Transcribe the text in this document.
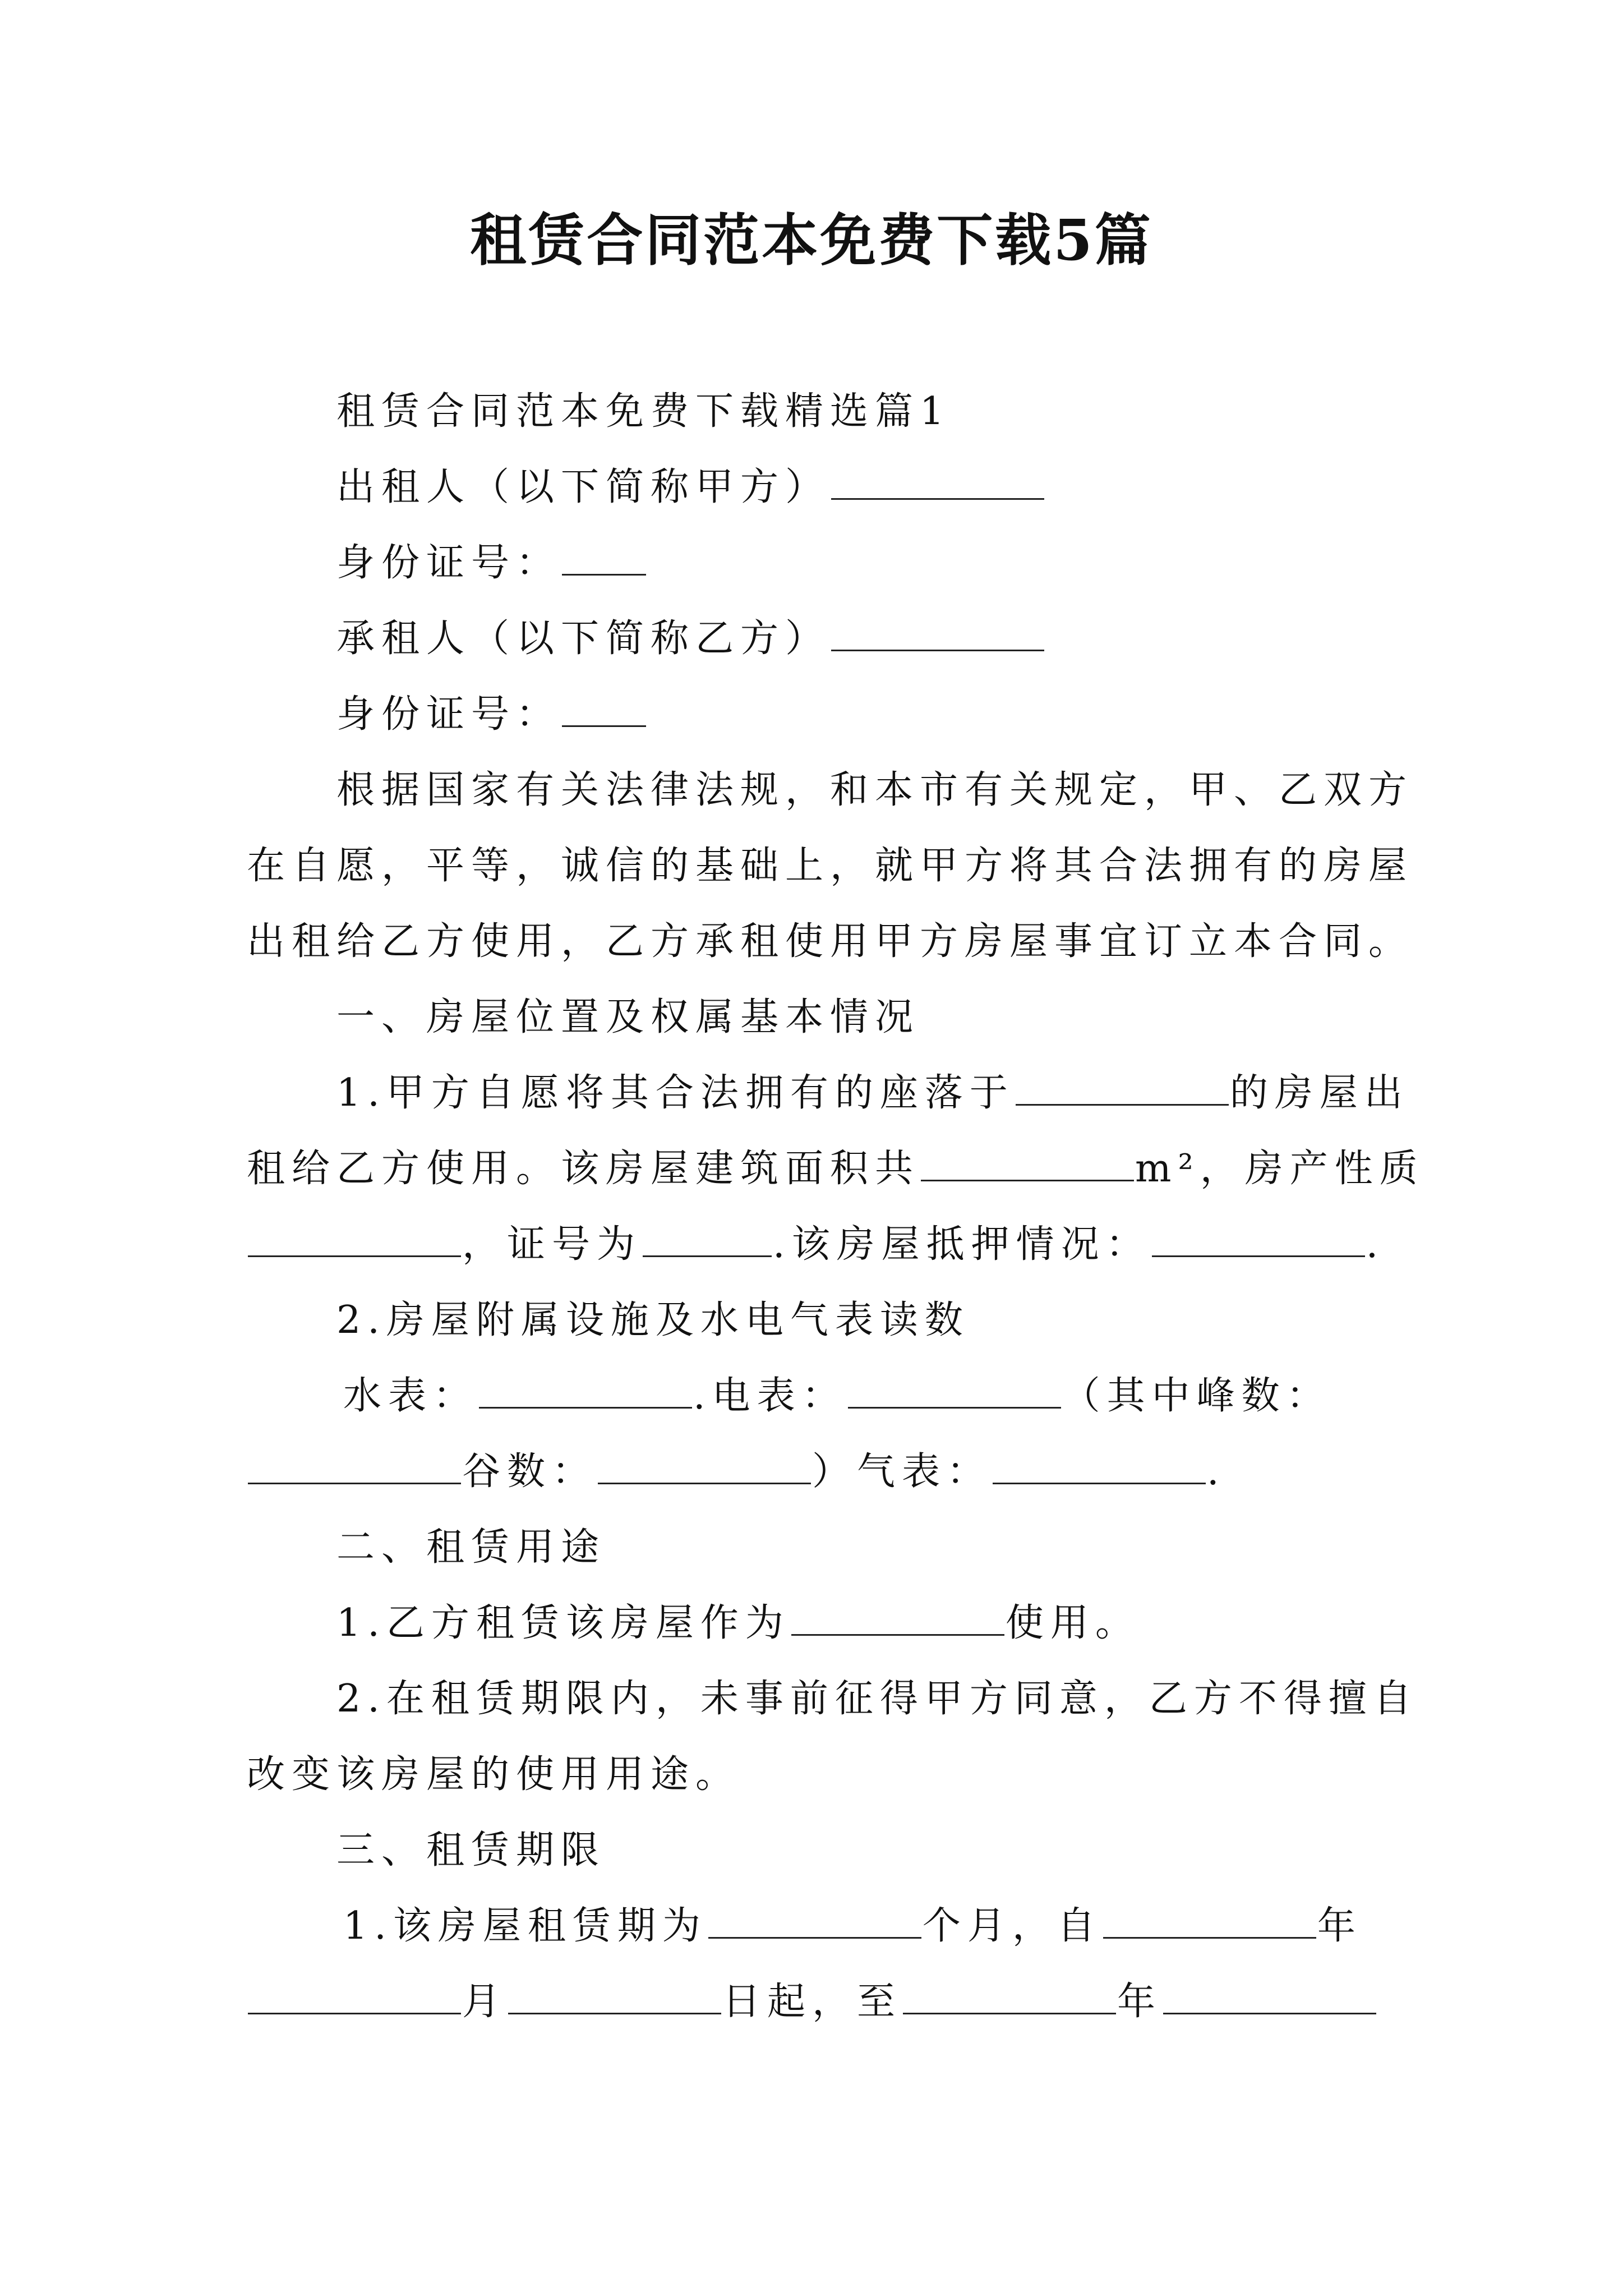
租赁合同范本免费下载5篇
租赁合同范本免费下载精选篇1
出租人（以下简称甲方）
身份证号：
承租人（以下简称乙方）
身份证号：
根据国家有关法律法规，和本市有关规定，甲、乙双方
在自愿，平等，诚信的基础上，就甲方将其合法拥有的房屋
出租给乙方使用，乙方承租使用甲方房屋事宜订立本合同。
一、房屋位置及权属基本情况
1.甲方自愿将其合法拥有的座落于	的房屋出
租给乙方使用。该房屋建筑面积共	m²，房产性质
，证号为	.该房屋抵押情况：	.
2.房屋附属设施及水电气表读数
水表：	.电表：	（其中峰数：
谷数：	）气表：	.
二、租赁用途
1.乙方租赁该房屋作为	使用。
2.在租赁期限内，未事前征得甲方同意，乙方不得擅自
改变该房屋的使用用途。
三、租赁期限
1.该房屋租赁期为	个月，自	年
月	日起，至	年
